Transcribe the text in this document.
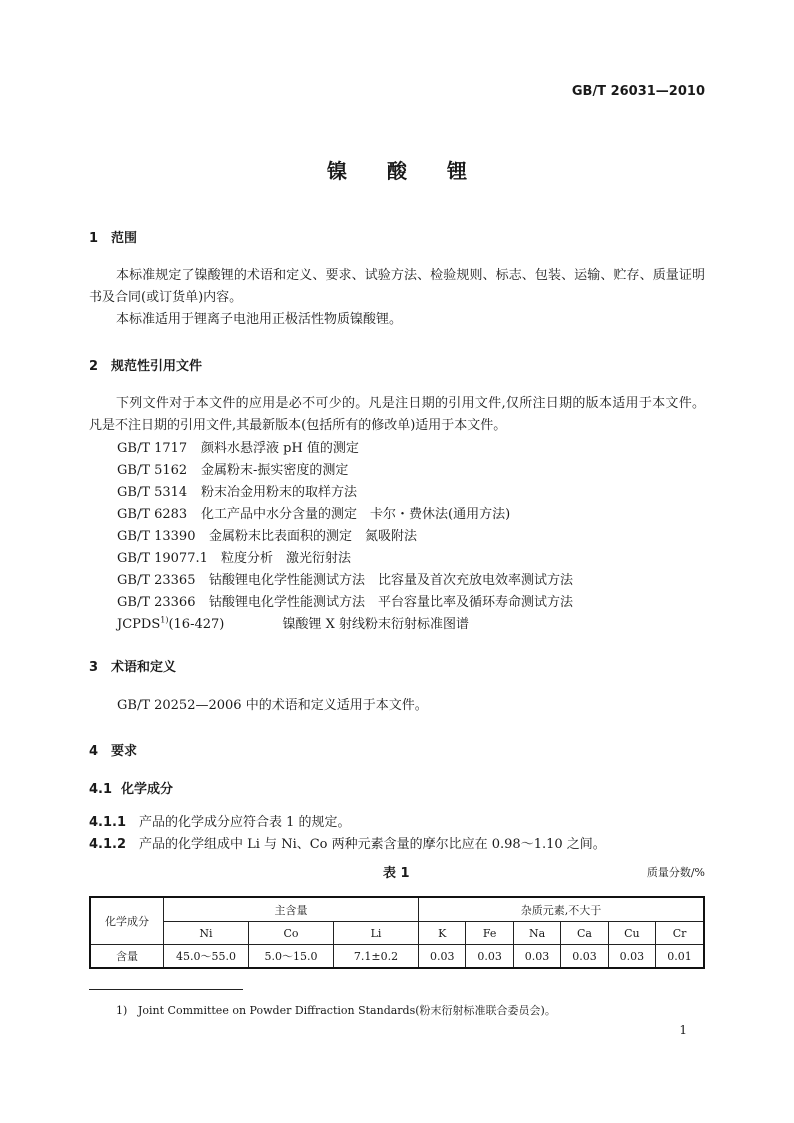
GB/T 26031—2010
镍酸锂
1 范围

本标准规定了镍酸锂的术语和定义、要求、试验方法、检验规则、标志、包装、运输、贮存、质量证明书及合同(或订货单)内容。

本标准适用于锂离子电池用正极活性物质镍酸锂。

2 规范性引用文件

下列文件对于本文件的应用是必不可少的。凡是注日期的引用文件,仅所注日期的版本适用于本文件。凡是不注日期的引用文件,其最新版本(包括所有的修改单)适用于本文件。

GB/T 1717 颜料水悬浮液 pH 值的测定
GB/T 5162 金属粉末-振实密度的测定
GB/T 5314 粉末冶金用粉末的取样方法
GB/T 6283 化工产品中水分含量的测定　卡尔・费休法(通用方法)
GB/T 13390 金属粉末比表面积的测定　氮吸附法
GB/T 19077.1 粒度分析　激光衍射法
GB/T 23365 钴酸锂电化学性能测试方法　比容量及首次充放电效率测试方法
GB/T 23366 钴酸锂电化学性能测试方法　平台容量比率及循环寿命测试方法
JCPDS$^{1)}$(16-427)	镍酸锂 X 射线粉末衍射标准图谱
3 术语和定义
GB/T 20252—2006 中的术语和定义适用于本文件。
4 要求
4.1 化学成分
4.1.1 产品的化学成分应符合表 1 的规定。
4.1.2 产品的化学组成中 Li 与 Ni、Co 两种元素含量的摩尔比应在 0.98～1.10 之间。
表 1	质量分数/%
化学成分	主含量			杂质元素,不大于					
	Ni	Co	Li	K	Fe	Na	Ca	Cu	Cr
含量	45.0～55.0	5.0～15.0	7.1±0.2	0.03	0.03	0.03	0.03	0.03	0.01
1) Joint Committee on Powder Diffraction Standards(粉末衍射标准联合委员会)。
1
